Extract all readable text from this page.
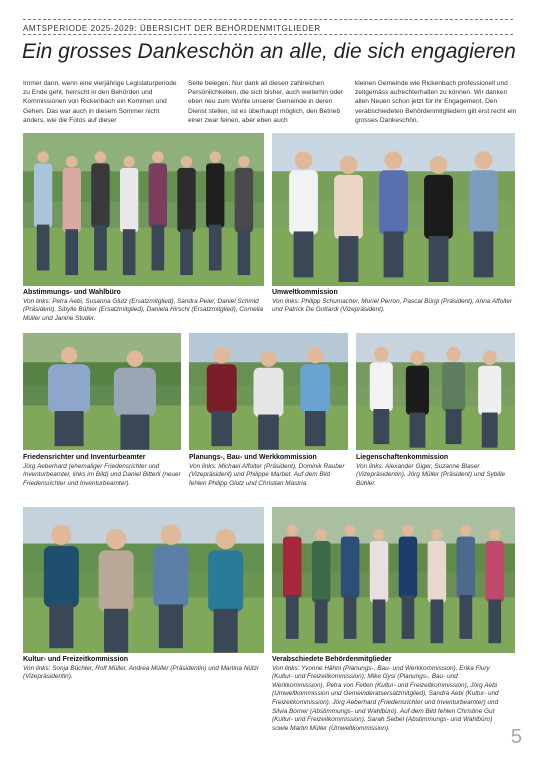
AMTSPERIODE 2025-2029: ÜBERSICHT DER BEHÖRDENMITGLIEDER
Ein grosses Dankeschön an alle, die sich engagieren
Immer dann, wenn eine vierjährige Legislaturperiode zu Ende geht, herrscht in den Behörden und Kommissionen von Rickenbach ein Kommen und Gehen. Das war auch in diesem Sommer nicht anders, wie die Fotos auf dieser
Seite belegen. Nur dank all diesen zahlreichen Persönlichkeiten, die sich bisher, auch weiterhin oder eben neu zum Wohle unserer Gemeinde in deren Dienst stellen, ist es überhaupt möglich, den Betrieb einer zwar feinen, aber eben auch
kleinen Gemeinde wie Rickenbach professionell und zeitgemäss aufrechterhalten zu können. Wir danken allen Neuen schon jetzt für ihr Engagement. Den verabschiedeten Behördenmitgliedern gilt erst recht ein grosses Dankeschön.
Abstimmungs- und Wahlbüro
Von links: Petra Aebi, Susanna Glutz (Ersatzmitglied), Sandra Peier, Daniel Schmid (Präsident), Sibylle Bühler (Ersatzmitglied), Daniela Hirschi (Ersatzmitglied), Cornelia Müller und Janine Studer.
Umweltkommission
Von links: Philipp Schumacher, Muriel Perron, Pascal Bürgi (Präsident), Anna Affolter und Patrick De Gottardi (Vizepräsident).
Friedensrichter und Inventurbeamter
Jörg Aeberhard (ehemaliger Friedensrichter und Inventurbeamter, links im Bild) und Daniel Bitterli (neuer Friedensrichter und Inventurbeamter).
Planungs-, Bau- und Werkkommission
Von links: Michael Affolter (Präsident), Dominik Rauber (Vizepräsident) und Philippe Marbet. Auf dem Bild fehlen Philipp Glutz und Christian Mastria.
Liegenschaftenkommission
Von links: Alexander Giger, Suzanne Blaser (Vizepräsidentin), Jörg Müller (Präsident) und Sybille Bühler.
Kultur- und Freizeitkommission
Von links: Sonja Büchler, Rolf Müller, Andrea Müller (Präsidentin) und Martina Nützi (Vizepräsidentin).
Verabschiedete Behördenmitglieder
Von links: Yvonne Hähni (Planungs-, Bau- und Werkkommission), Erika Flury (Kultur- und Freizeitkommission), Mike Gysi (Planungs-, Bau- und Werkkommission), Petra von Felten (Kultur- und Freizeitkommission), Jörg Aebi (Umweltkommission und Gemeinderatsersatzmitglied), Sandra Aebi (Kultur- und Freizeitkommission), Jörg Aeberhard (Friedensrichter und Inventurbeamter) und Silvia Borner (Abstimmungs- und Wahlbüro). Auf dem Bild fehlen Christine Gut (Kultur- und Freizeitkommission), Sarah Seibel (Abstimmungs- und Wahlbüro) sowie Martin Müller (Umweltkommission).	5
